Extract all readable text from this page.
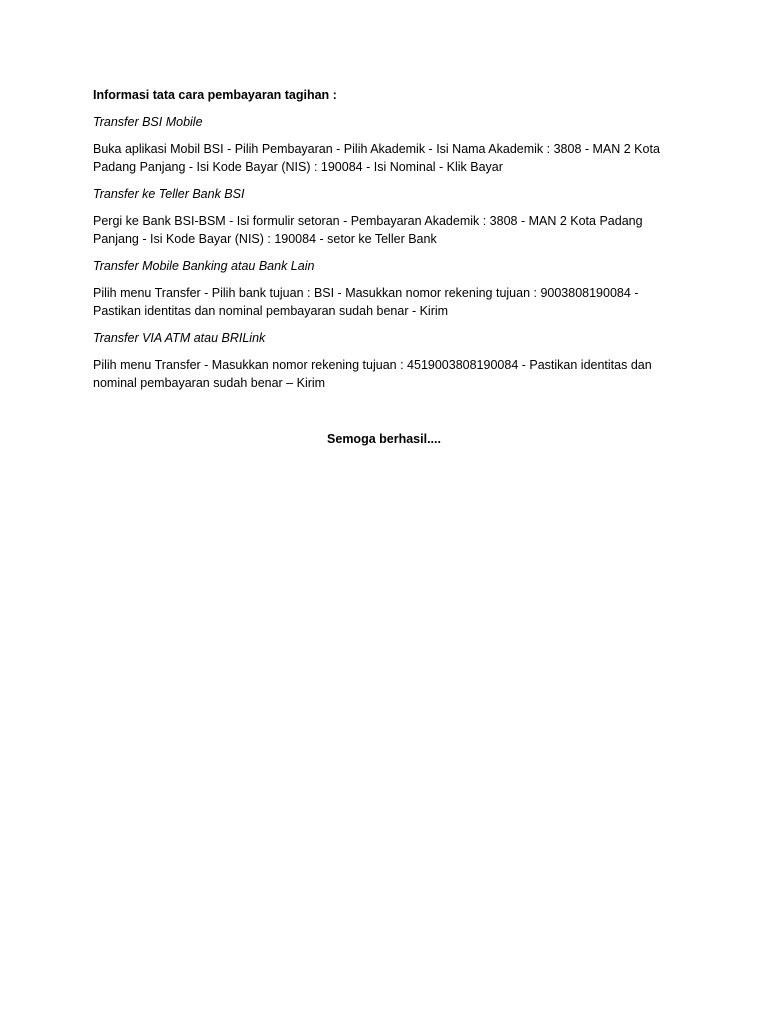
Informasi tata cara pembayaran tagihan :
Transfer BSI Mobile
Buka aplikasi Mobil BSI - Pilih Pembayaran - Pilih Akademik - Isi Nama Akademik : 3808 - MAN 2 Kota Padang Panjang - Isi Kode Bayar (NIS) : 190084 - Isi Nominal - Klik Bayar
Transfer ke Teller Bank BSI
Pergi ke Bank BSI-BSM - Isi formulir setoran - Pembayaran Akademik : 3808 - MAN 2 Kota Padang Panjang - Isi Kode Bayar (NIS) : 190084 - setor ke Teller Bank
Transfer Mobile Banking atau Bank Lain
Pilih menu Transfer - Pilih bank tujuan : BSI - Masukkan nomor rekening tujuan : 9003808190084 - Pastikan identitas dan nominal pembayaran sudah benar - Kirim
Transfer VIA ATM atau BRILink
Pilih menu Transfer - Masukkan nomor rekening tujuan : 4519003808190084 - Pastikan identitas dan nominal pembayaran sudah benar – Kirim
Semoga berhasil....
